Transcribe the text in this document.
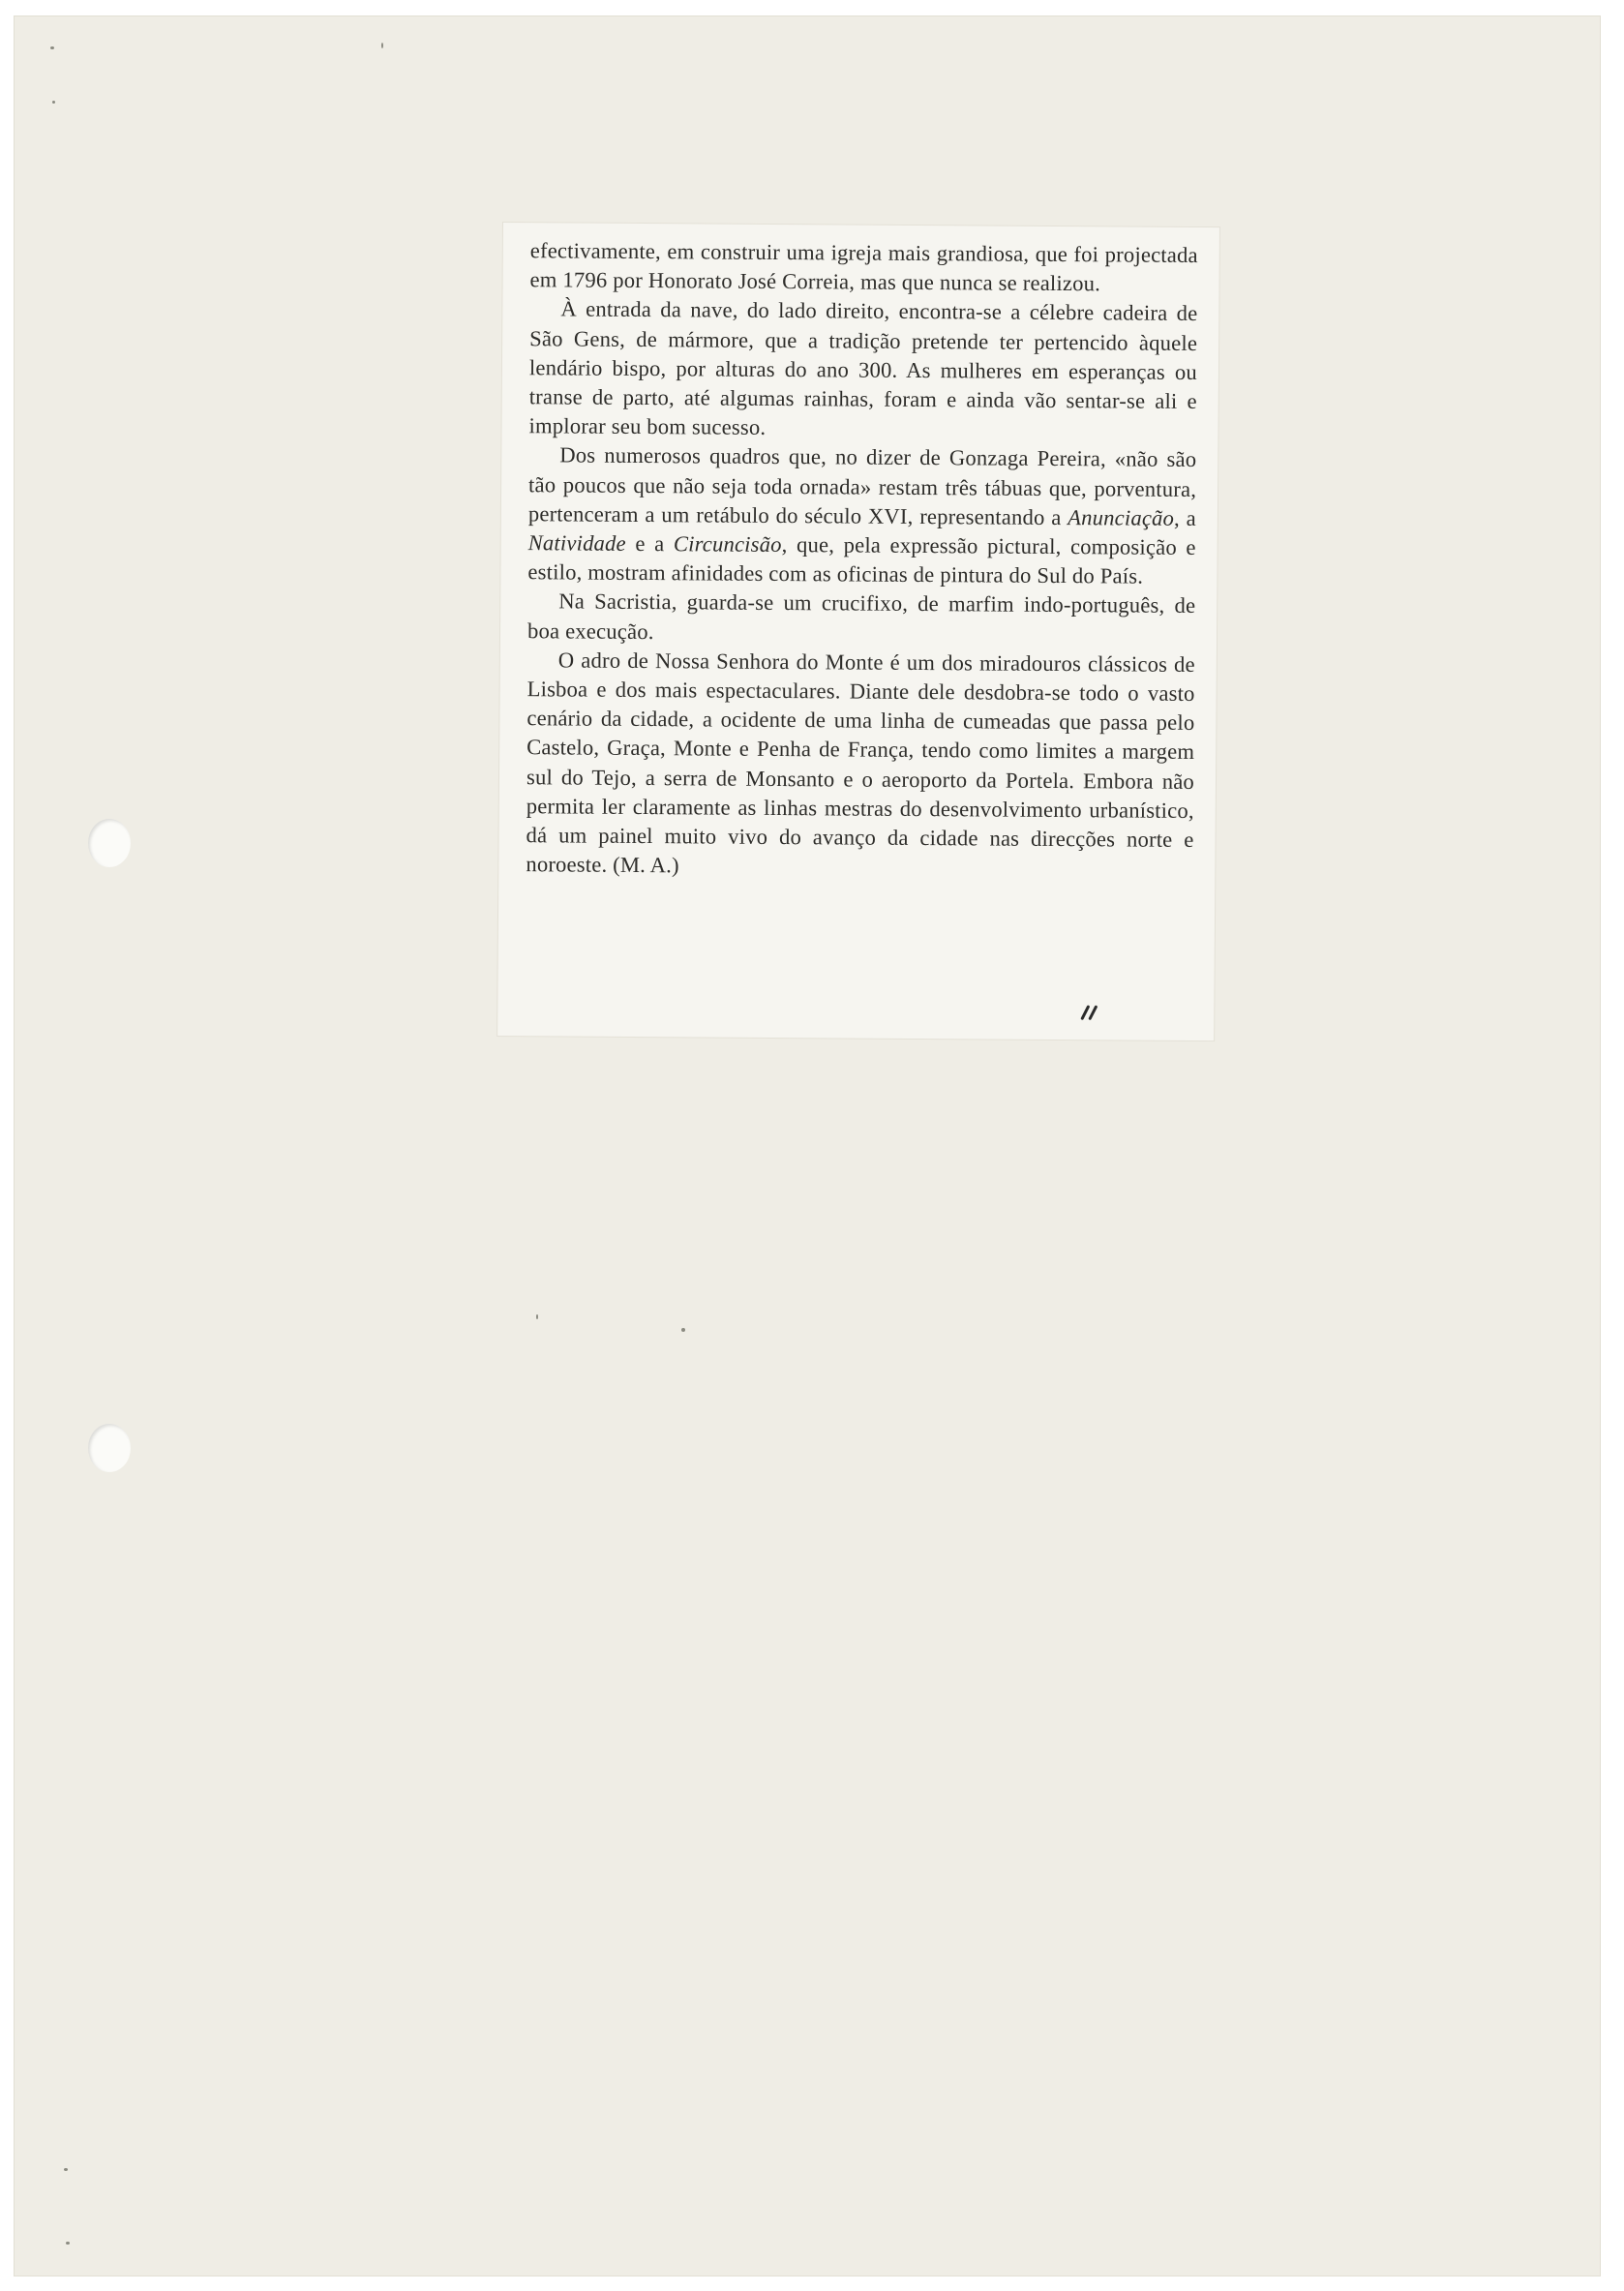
efectivamente, em construir uma igreja mais grandiosa, que foi projectada em 1796 por Honorato José Correia, mas que nunca se realizou.

À entrada da nave, do lado direito, encontra-se a célebre cadeira de São Gens, de mármore, que a tradição pretende ter pertencido àquele lendário bispo, por alturas do ano 300. As mulheres em esperanças ou transe de parto, até algumas rainhas, foram e ainda vão sentar-se ali e implorar seu bom sucesso.

Dos numerosos quadros que, no dizer de Gonzaga Pereira, «não são tão poucos que não seja toda ornada» restam três tábuas que, porventura, pertenceram a um retábulo do século XVI, representando a Anunciação, a Natividade e a Circuncisão, que, pela expressão pictural, composição e estilo, mostram afinidades com as oficinas de pintura do Sul do País.

Na Sacristia, guarda-se um crucifixo, de marfim indo-português, de boa execução.

O adro de Nossa Senhora do Monte é um dos miradouros clássicos de Lisboa e dos mais espectaculares. Diante dele desdobra-se todo o vasto cenário da cidade, a ocidente de uma linha de cumeadas que passa pelo Castelo, Graça, Monte e Penha de França, tendo como limites a margem sul do Tejo, a serra de Monsanto e o aeroporto da Portela. Embora não permita ler claramente as linhas mestras do desenvolvimento urbanístico, dá um painel muito vivo do avanço da cidade nas direcções norte e noroeste. (M. A.)
